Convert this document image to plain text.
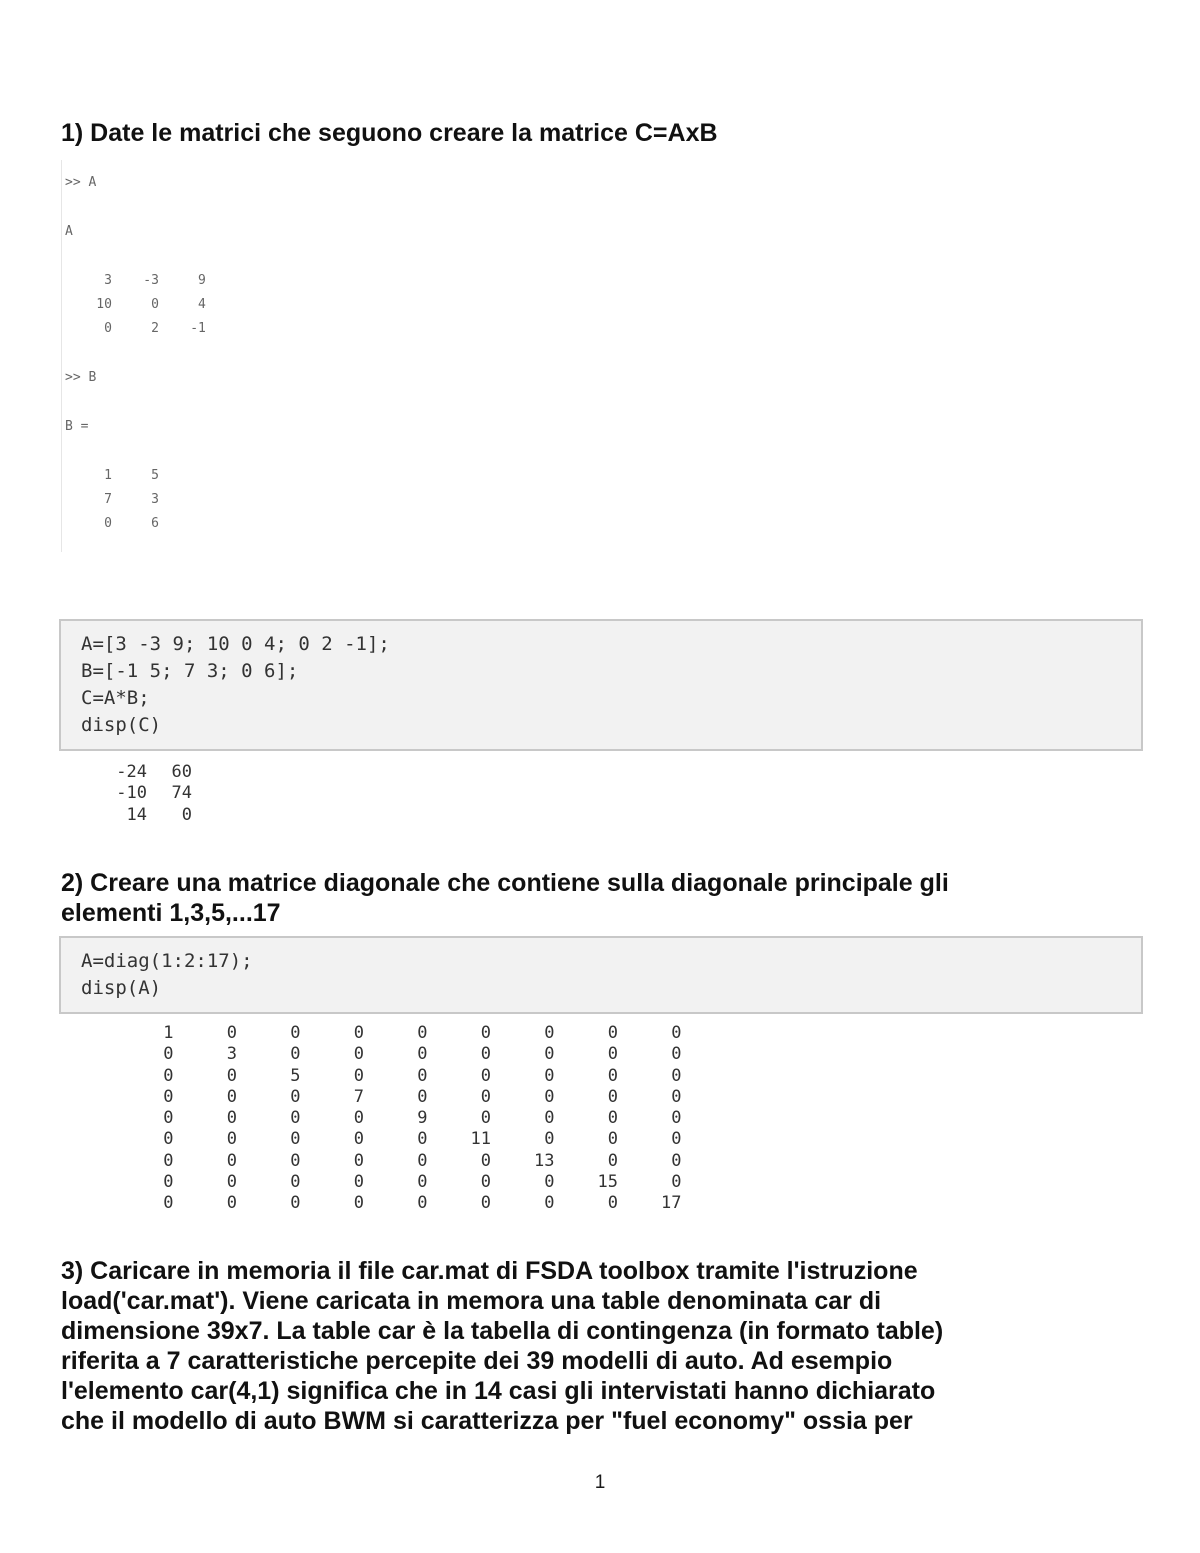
1) Date le matrici che seguono creare la matrice C=AxB
>> A
A
3    -3     9
10     0     4
0     2    -1
>> B
B =
1     5
7     3
0     6
A=[3 -3 9; 10 0 4; 0 2 -1];
B=[-1 5; 7 3; 0 6];
C=A*B;
disp(C)
-24	60
-10	74
14	0
2) Creare una matrice diagonale che contiene sulla diagonale principale gli
elementi 1,3,5,...17
A=diag(1:2:17);
disp(A)
1	0	0	0	0	0	0	0	0
0	3	0	0	0	0	0	0	0
0	0	5	0	0	0	0	0	0
0	0	0	7	0	0	0	0	0
0	0	0	0	9	0	0	0	0
0	0	0	0	0	11	0	0	0
0	0	0	0	0	0	13	0	0
0	0	0	0	0	0	0	15	0
0	0	0	0	0	0	0	0	17
3) Caricare in memoria il file car.mat di FSDA toolbox tramite l'istruzione
load('car.mat'). Viene caricata in memora una table denominata car di
dimensione 39x7. La table car è la tabella di contingenza (in formato table)
riferita a 7 caratteristiche percepite dei 39 modelli di auto. Ad esempio
l'elemento car(4,1) significa che in 14 casi gli intervistati hanno dichiarato
che il modello di auto BWM si caratterizza per "fuel economy" ossia per
1
